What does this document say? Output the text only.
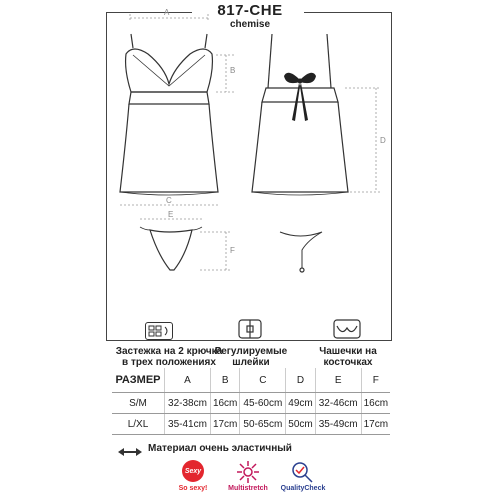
817-CHE
chemise
A
B
C
E
F
D
Застежка на 2 крючка
в трех положениях
Регулируемые
шлейки
Чашечки на
косточках
РАЗМЕР	A	B	C	D	E	F
S/M	32-38cm	16cm	45-60cm	49cm	32-46cm	16cm
L/XL	35-41cm	17cm	50-65cm	50cm	35-49cm	17cm
Материал очень эластичный
Sexy
So sexy!	Multistretch	QualityCheck
